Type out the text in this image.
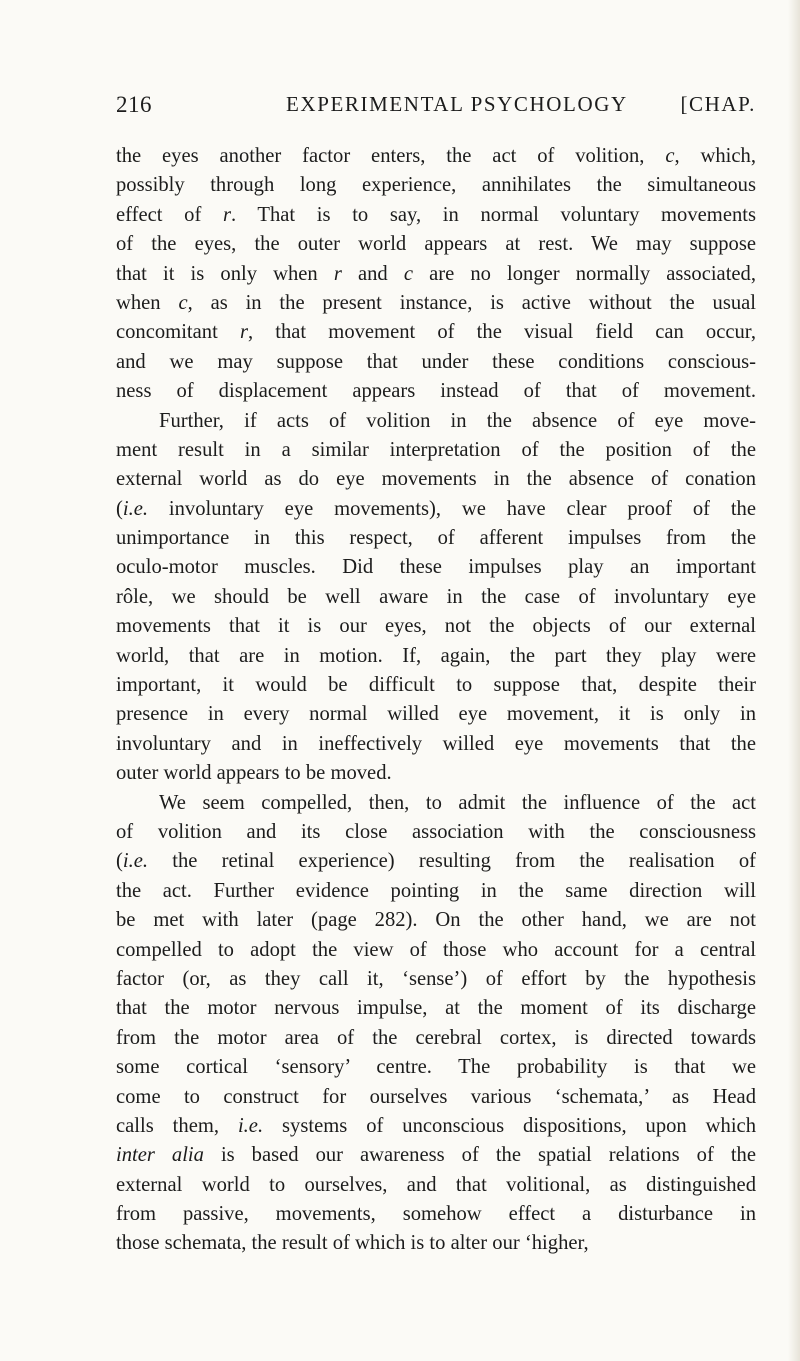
216	EXPERIMENTAL PSYCHOLOGY	[CHAP.
the eyes another factor enters, the act of volition, c, which,
possibly through long experience, annihilates the simultaneous
effect of r. That is to say, in normal voluntary movements
of the eyes, the outer world appears at rest. We may suppose
that it is only when r and c are no longer normally associated,
when c, as in the present instance, is active without the usual
concomitant r, that movement of the visual field can occur,
and we may suppose that under these conditions conscious-
ness of displacement appears instead of that of movement.
Further, if acts of volition in the absence of eye move-
ment result in a similar interpretation of the position of the
external world as do eye movements in the absence of conation
(i.e. involuntary eye movements), we have clear proof of the
unimportance in this respect, of afferent impulses from the
oculo-motor muscles. Did these impulses play an important
rôle, we should be well aware in the case of involuntary eye
movements that it is our eyes, not the objects of our external
world, that are in motion. If, again, the part they play were
important, it would be difficult to suppose that, despite their
presence in every normal willed eye movement, it is only in
involuntary and in ineffectively willed eye movements that the
outer world appears to be moved.
We seem compelled, then, to admit the influence of the act
of volition and its close association with the consciousness
(i.e. the retinal experience) resulting from the realisation of
the act. Further evidence pointing in the same direction will
be met with later (page 282). On the other hand, we are not
compelled to adopt the view of those who account for a central
factor (or, as they call it, ‘sense’) of effort by the hypothesis
that the motor nervous impulse, at the moment of its discharge
from the motor area of the cerebral cortex, is directed towards
some cortical ‘sensory’ centre. The probability is that we
come to construct for ourselves various ‘schemata,’ as Head
calls them, i.e. systems of unconscious dispositions, upon which
inter alia is based our awareness of the spatial relations of the
external world to ourselves, and that volitional, as distinguished
from passive, movements, somehow effect a disturbance in
those schemata, the result of which is to alter our ‘higher,
